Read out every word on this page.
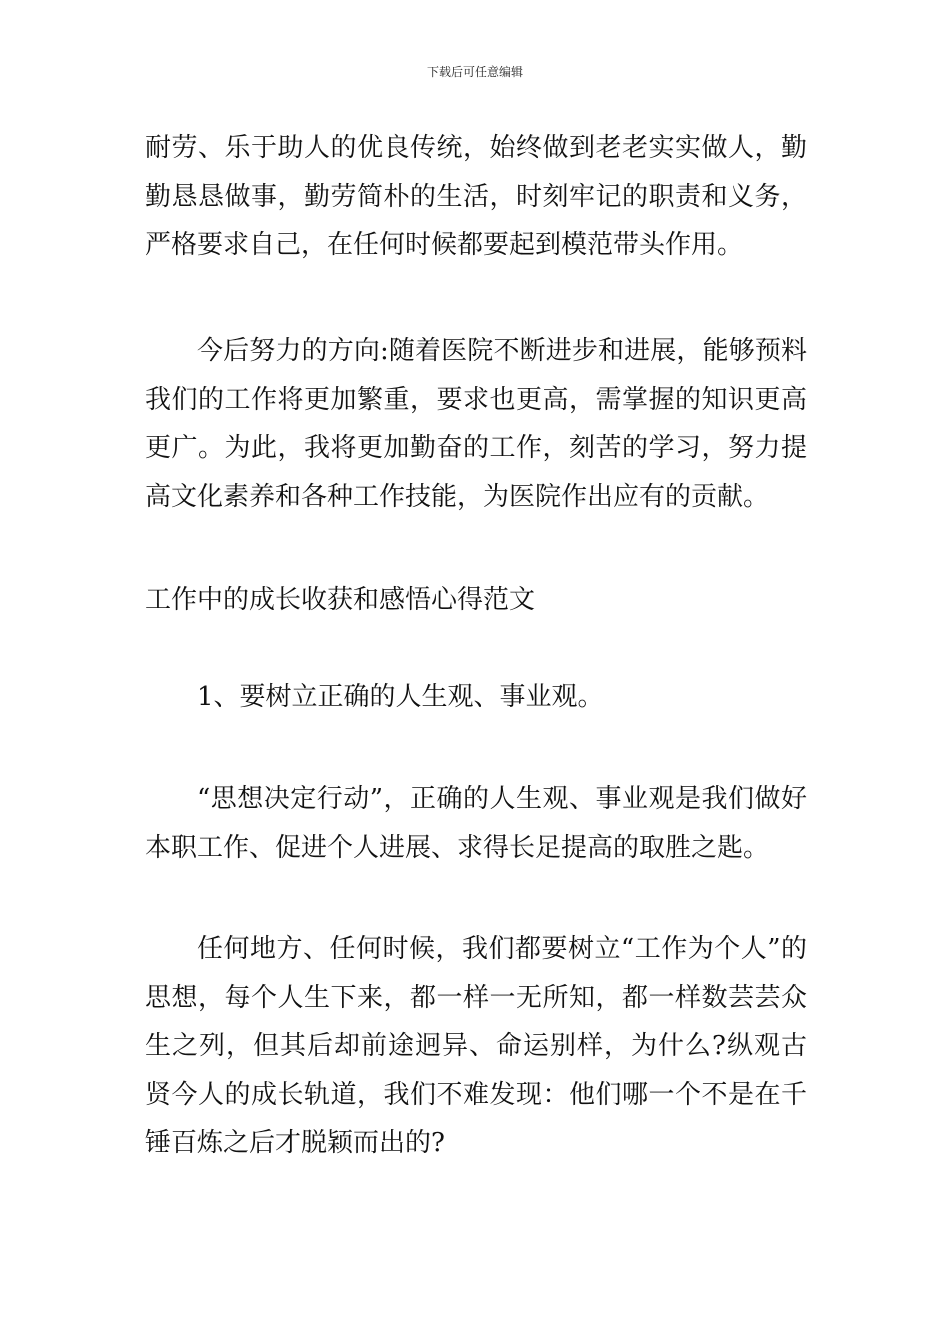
下载后可任意编辑

耐劳、乐于助人的优良传统，始终做到老老实实做人，勤勤恳恳做事，勤劳简朴的生活，时刻牢记的职责和义务，严格要求自己，在任何时候都要起到模范带头作用。

今后努力的方向:随着医院不断进步和进展，能够预料我们的工作将更加繁重，要求也更高，需掌握的知识更高更广。为此，我将更加勤奋的工作，刻苦的学习，努力提高文化素养和各种工作技能，为医院作出应有的贡献。

工作中的成长收获和感悟心得范文

1、要树立正确的人生观、事业观。

“思想决定行动”，正确的人生观、事业观是我们做好本职工作、促进个人进展、求得长足提高的取胜之匙。

任何地方、任何时候，我们都要树立“工作为个人”的思想，每个人生下来，都一样一无所知，都一样数芸芸众生之列，但其后却前途迥异、命运别样，为什么?纵观古贤今人的成长轨道，我们不难发现：他们哪一个不是在千锤百炼之后才脱颖而出的?
